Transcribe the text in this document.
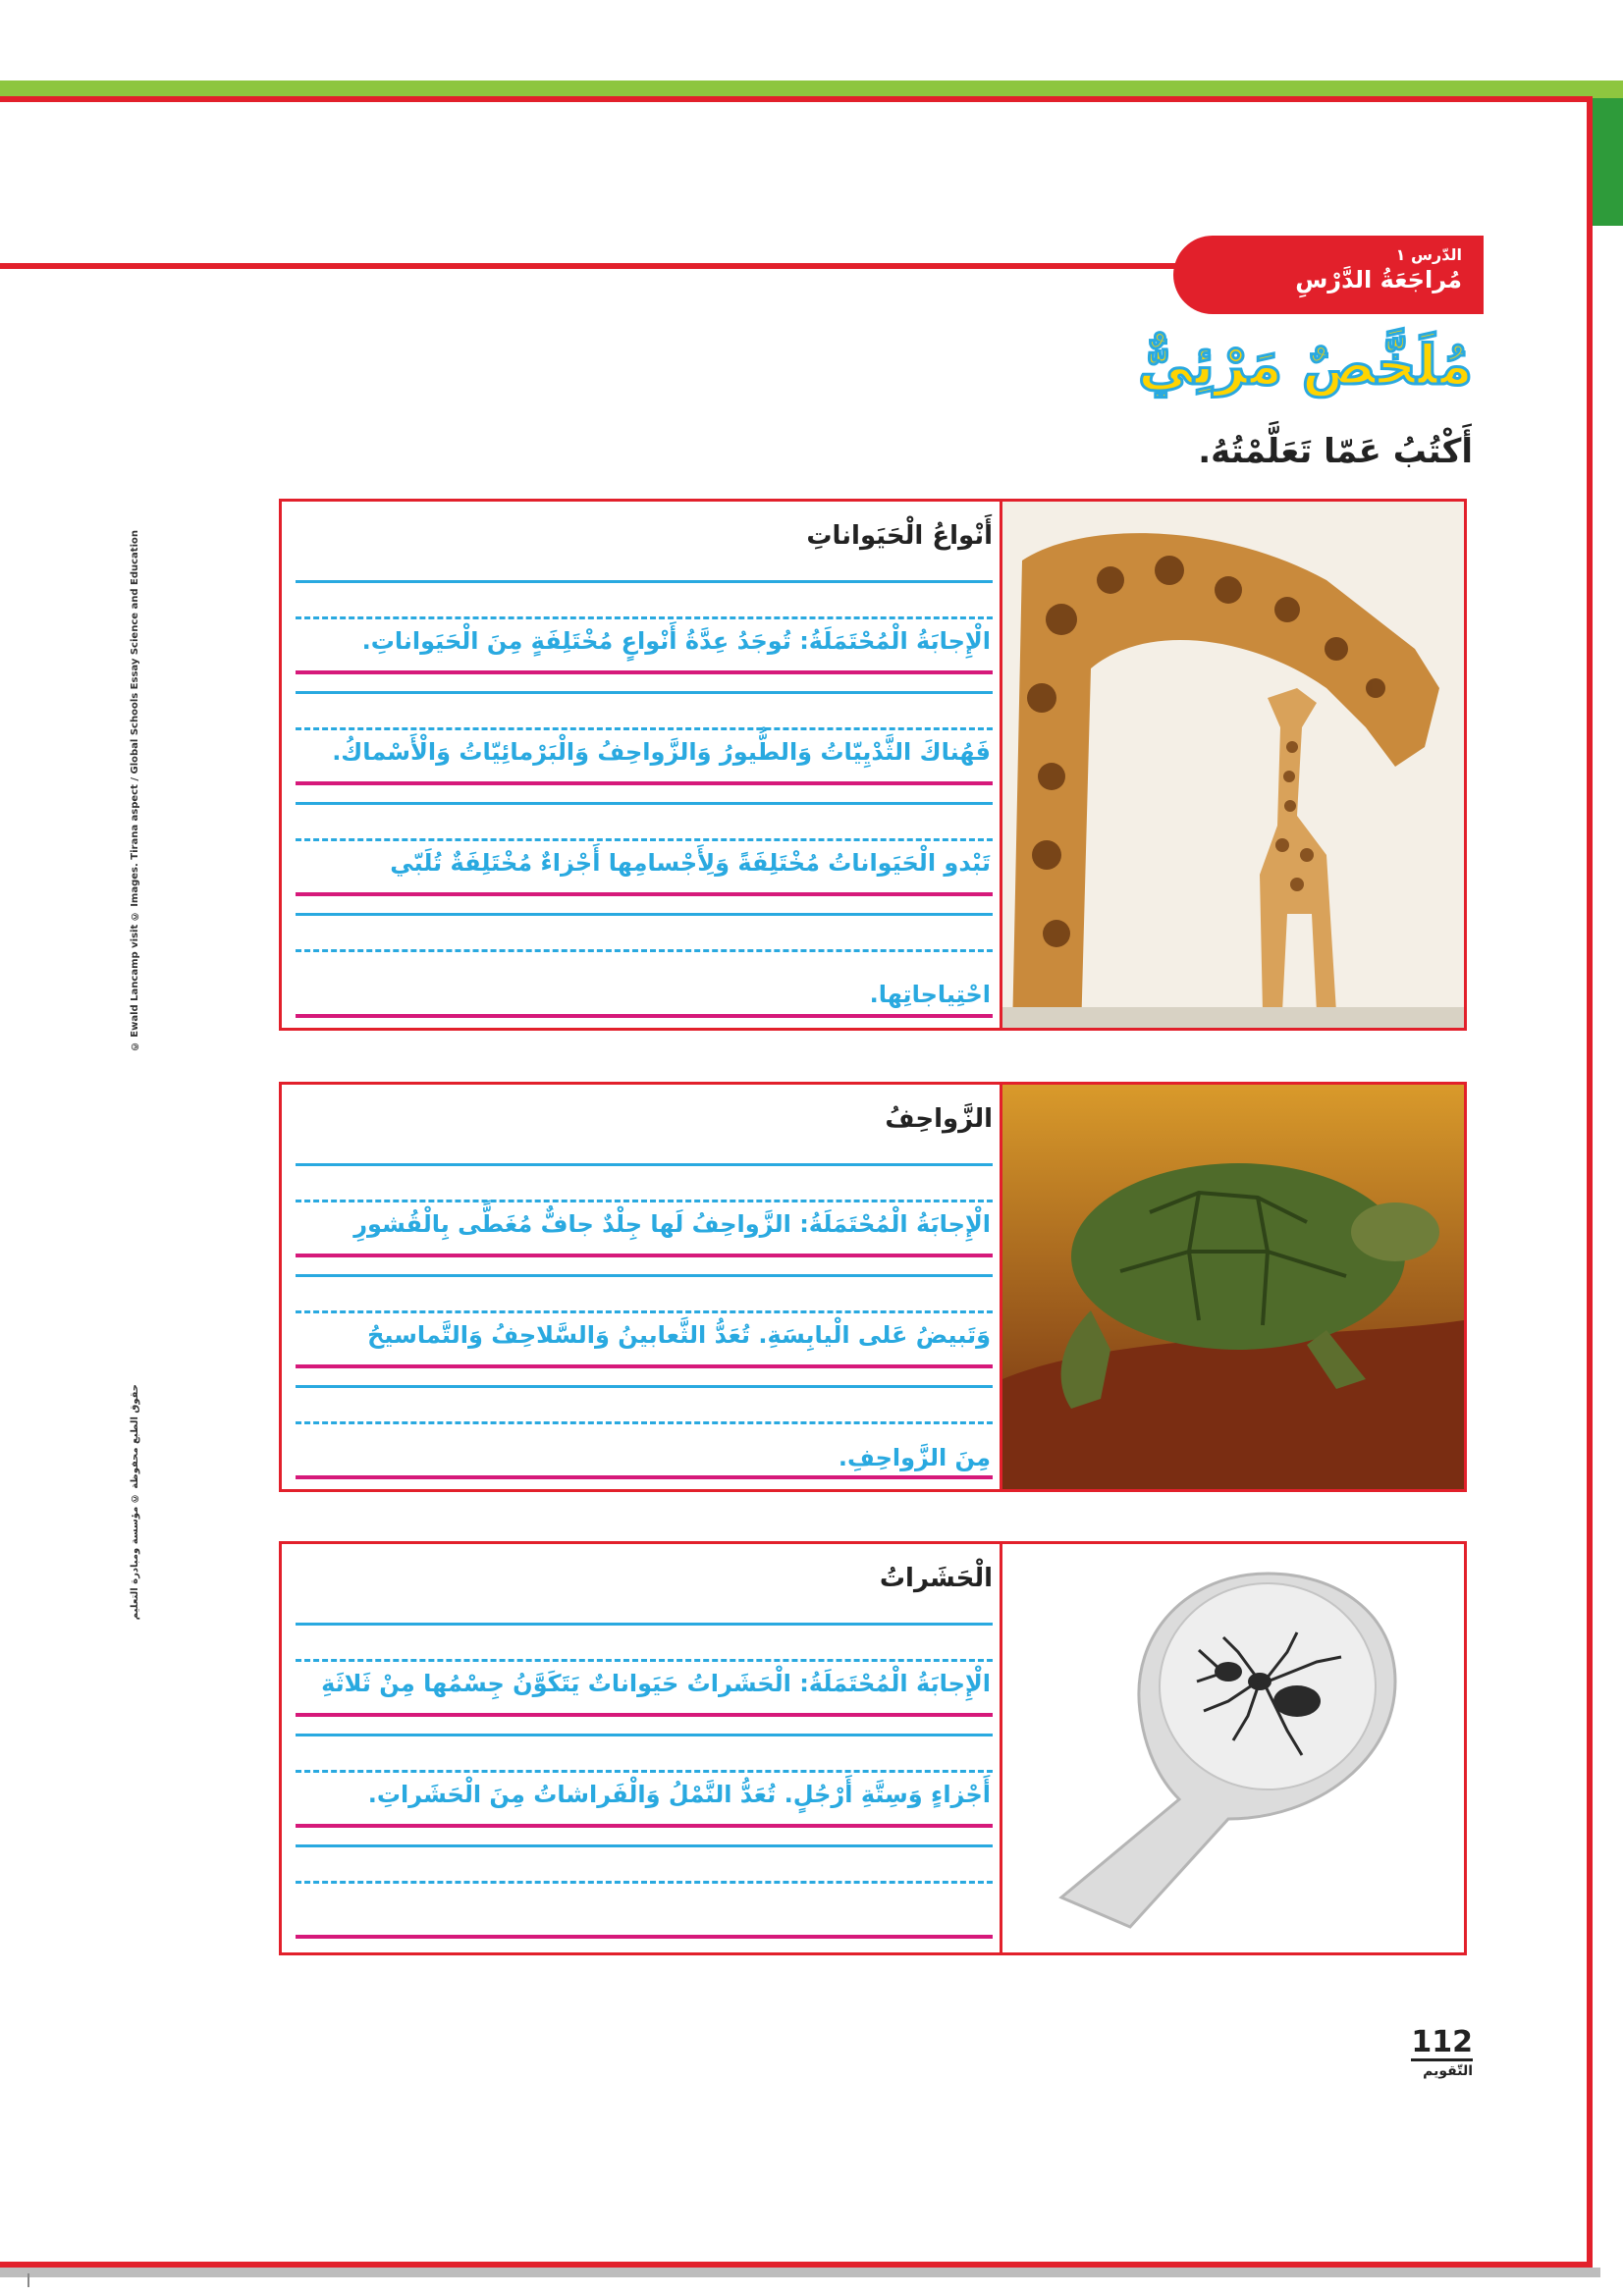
الدّرس ١
مُراجَعَةُ الدَّرْسِ
مُلَخَّصٌ مَرْئِيٌّ
أَكْتُبُ عَمّا تَعَلَّمْتُهُ.
© Ewald Lancamp visit © Images. Tirana aspect / Global Schools Essay Science and Education
حقوق الطبع محفوظة © مؤسسة ومبادرة التعليم
أَنْواعُ الْحَيَواناتِ
الْإِجابَةُ الْمُحْتَمَلَةُ: تُوجَدُ عِدَّةُ أَنْواعٍ مُخْتَلِفَةٍ مِنَ الْحَيَواناتِ.
فَهُناكَ الثَّدْيِيّاتُ وَالطُّيورُ وَالزَّواحِفُ وَالْبَرْمائِيّاتُ وَالْأَسْماكُ.
تَبْدو الْحَيَواناتُ مُخْتَلِفَةً وَلِأَجْسامِها أَجْزاءٌ مُخْتَلِفَةٌ تُلَبّي
احْتِياجاتِها.
الزَّواحِفُ
الْإِجابَةُ الْمُحْتَمَلَةُ: الزَّواحِفُ لَها جِلْدٌ جافٌّ مُغَطًّى بِالْقُشورِ
وَتَبيضُ عَلى الْيابِسَةِ. تُعَدُّ الثَّعابينُ وَالسَّلاحِفُ وَالتَّماسيحُ
مِنَ الزَّواحِفِ.
الْحَشَراتُ
الْإِجابَةُ الْمُحْتَمَلَةُ: الْحَشَراتُ حَيَواناتٌ يَتَكَوَّنُ جِسْمُها مِنْ ثَلاثَةِ
أَجْزاءٍ وَسِتَّةِ أَرْجُلٍ. تُعَدُّ النَّمْلُ وَالْفَراشاتُ مِنَ الْحَشَراتِ.
112
التّقويم
